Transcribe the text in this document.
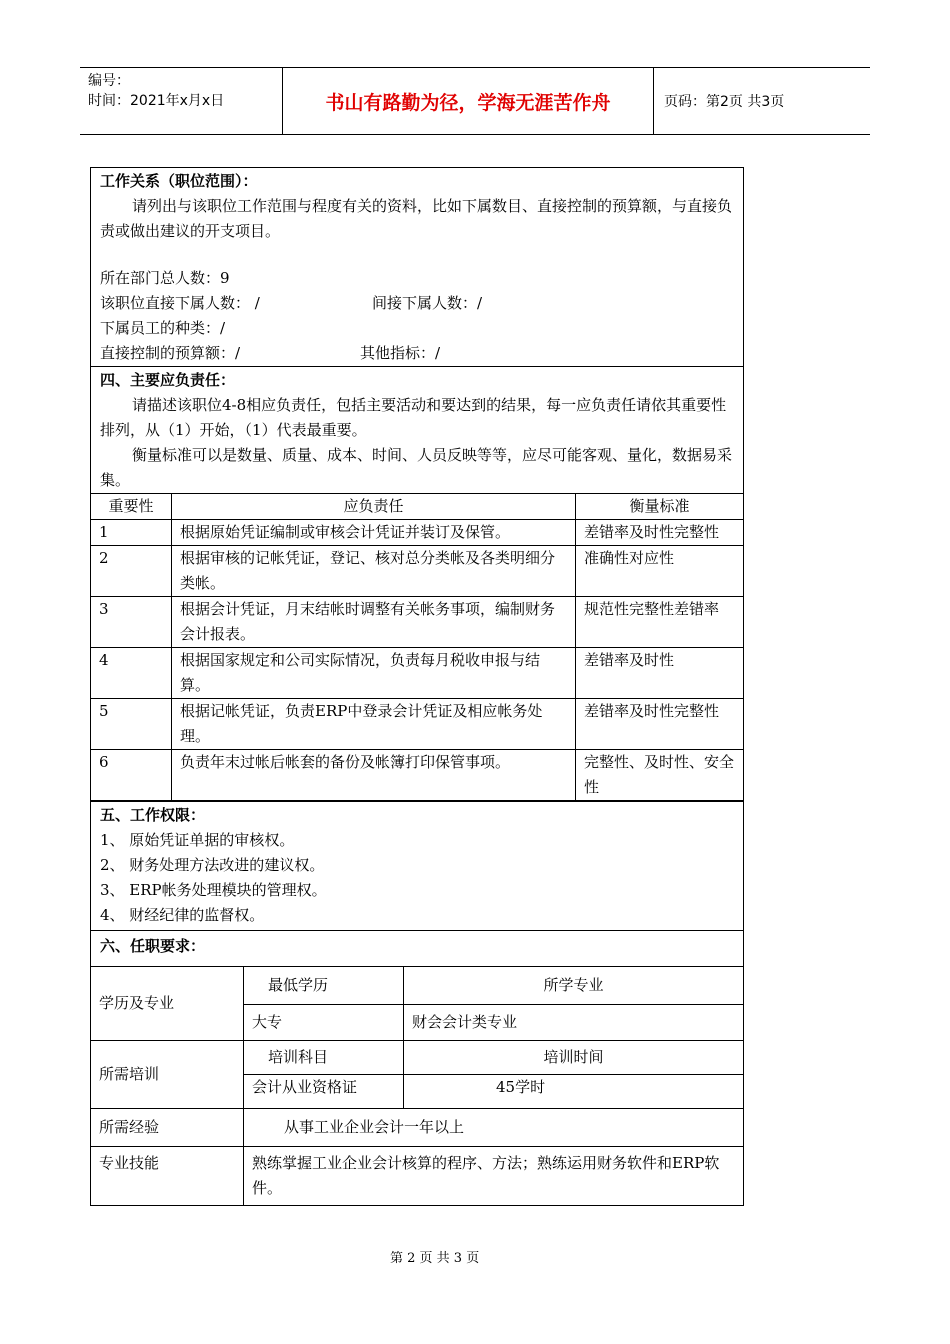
编号：
时间：2021年x月x日	书山有路勤为径，学海无涯苦作舟	页码：第2页 共3页
工作关系（职位范围）：
请列出与该职位工作范围与程度有关的资料，比如下属数目、直接控制的预算额，与直接负责或做出建议的开支项目。
所在部门总人数：9
该职位直接下属人数： /	间接下属人数：/
下属员工的种类：/
直接控制的预算额：/	其他指标：/
四、主要应负责任：
请描述该职位4-8相应负责任，包括主要活动和要达到的结果，每一应负责任请依其重要性排列，从（1）开始，（1）代表最重要。
衡量标准可以是数量、质量、成本、时间、人员反映等等，应尽可能客观、量化，数据易采集。
重要性	应负责任	衡量标准
1	根据原始凭证编制或审核会计凭证并装订及保管。	差错率及时性完整性
2	根据审核的记帐凭证，登记、核对总分类帐及各类明细分类帐。	准确性对应性
3	根据会计凭证，月末结帐时调整有关帐务事项，编制财务会计报表。	规范性完整性差错率
4	根据国家规定和公司实际情况，负责每月税收申报与结算。	差错率及时性
5	根据记帐凭证，负责ERP中登录会计凭证及相应帐务处理。	差错率及时性完整性
6	负责年末过帐后帐套的备份及帐簿打印保管事项。	完整性、及时性、安全性
五、工作权限：
1、 原始凭证单据的审核权。
2、 财务处理方法改进的建议权。
3、 ERP帐务处理模块的管理权。
4、 财经纪律的监督权。
六、任职要求：
学历及专业	最低学历	所学专业
	大专	财会会计类专业
所需培训	培训科目	培训时间
	会计从业资格证	45学时
所需经验	从事工业企业会计一年以上	
专业技能	熟练掌握工业企业会计核算的程序、方法；熟练运用财务软件和ERP软件。	
第 2 页 共 3 页
